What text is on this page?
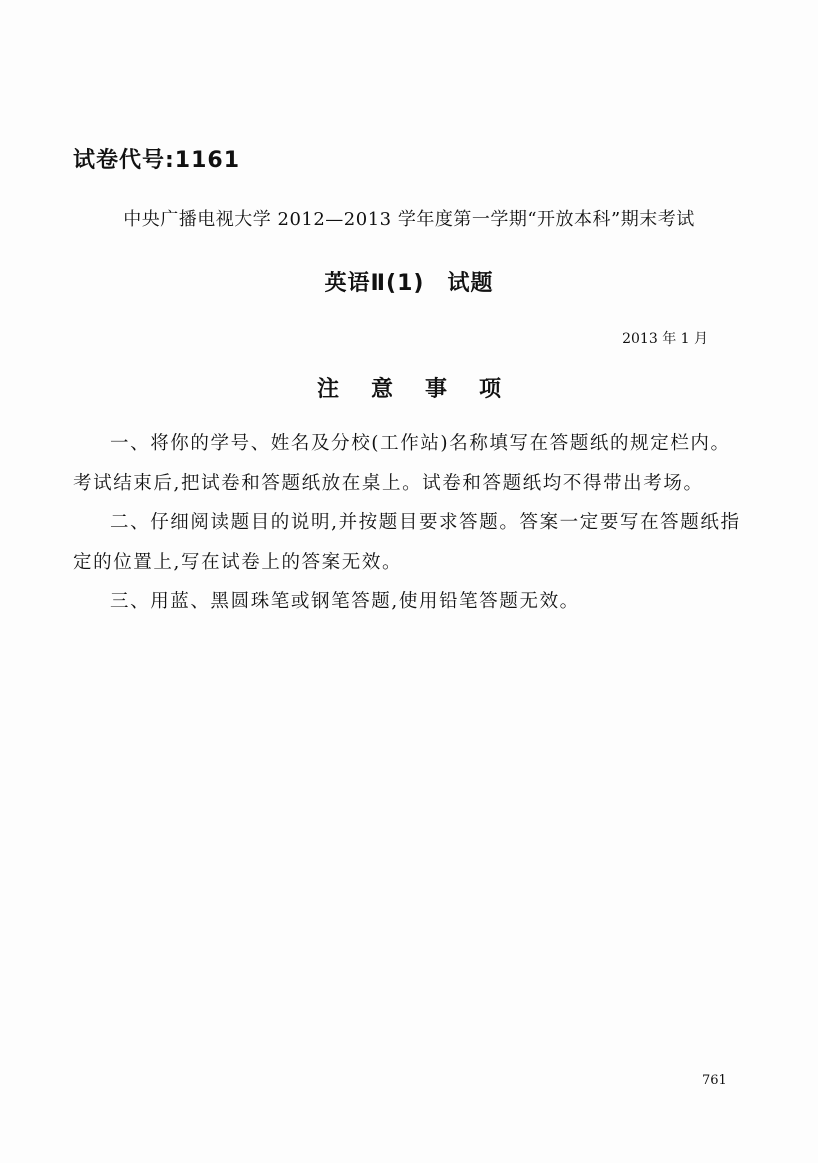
试卷代号:1161
中央广播电视大学 2012—2013 学年度第一学期“开放本科”期末考试
英语Ⅱ(1)　试题
2013 年 1 月
注意事项

一、将你的学号、姓名及分校(工作站)名称填写在答题纸的规定栏内。考试结束后,把试卷和答题纸放在桌上。试卷和答题纸均不得带出考场。

二、仔细阅读题目的说明,并按题目要求答题。答案一定要写在答题纸指定的位置上,写在试卷上的答案无效。

三、用蓝、黑圆珠笔或钢笔答题,使用铅笔答题无效。

761
